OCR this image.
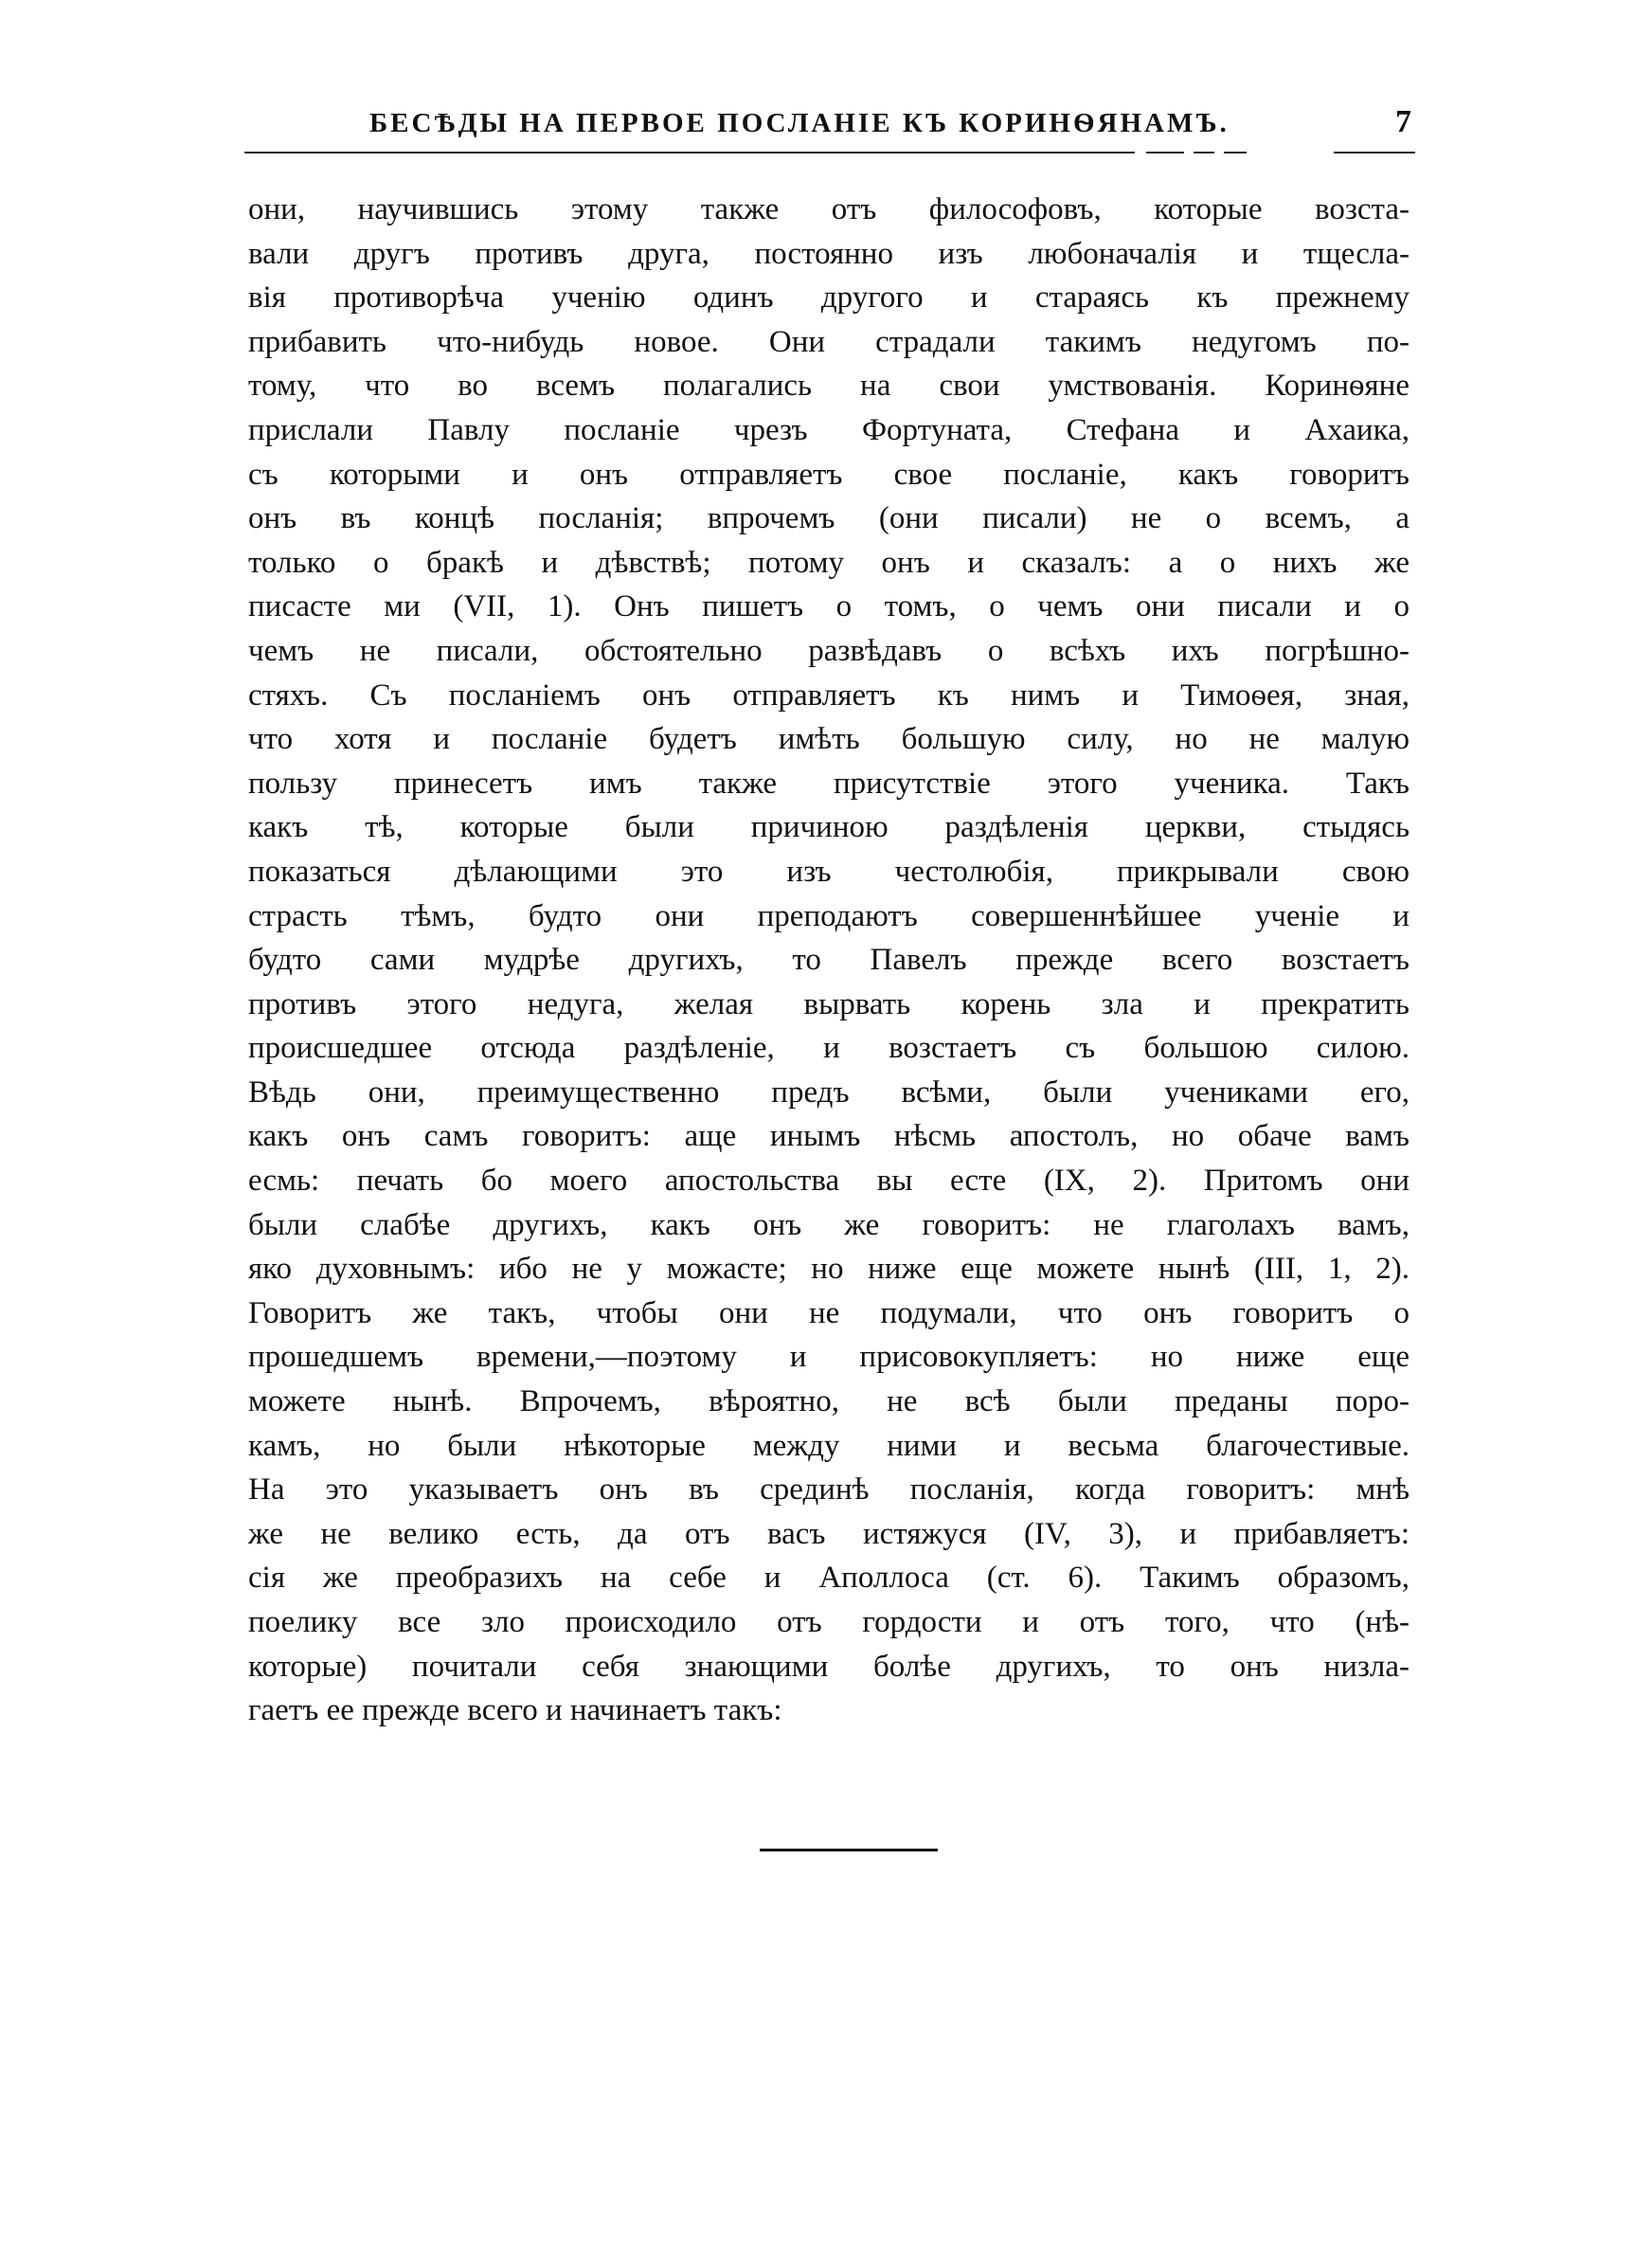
БЕСѢДЫ НА ПЕРВОЕ ПОСЛАНІЕ КЪ КОРИНѲЯНАМЪ.	7
они, научившись этому также отъ философовъ, которые возста-
вали другъ противъ друга, постоянно изъ любоначалія и тщесла-
вія противорѣча ученію одинъ другого и стараясь къ прежнему
прибавить что-нибудь новое. Они страдали такимъ недугомъ по-
тому, что во всемъ полагались на свои умствованія. Коринѳяне
прислали Павлу посланіе чрезъ Фортуната, Стефана и Ахаика,
съ которыми и онъ отправляетъ свое посланіе, какъ говоритъ
онъ въ концѣ посланія; впрочемъ (они писали) не о всемъ, а
только о бракѣ и дѣвствѣ; потому онъ и сказалъ: а о нихъ же
писасте ми (VII, 1). Онъ пишетъ о томъ, о чемъ они писали и о
чемъ не писали, обстоятельно развѣдавъ о всѣхъ ихъ погрѣшно-
стяхъ. Съ посланіемъ онъ отправляетъ къ нимъ и Тимоѳея, зная,
что хотя и посланіе будетъ имѣть большую силу, но не малую
пользу принесетъ имъ также присутствіе этого ученика. Такъ
какъ тѣ, которые были причиною раздѣленія церкви, стыдясь
показаться дѣлающими это изъ честолюбія, прикрывали свою
страсть тѣмъ, будто они преподаютъ совершеннѣйшее ученіе и
будто сами мудрѣе другихъ, то Павелъ прежде всего возстаетъ
противъ этого недуга, желая вырвать корень зла и прекратить
происшедшее отсюда раздѣленіе, и возстаетъ съ большою силою.
Вѣдь они, преимущественно предъ всѣми, были учениками его,
какъ онъ самъ говоритъ: аще инымъ нѣсмь апостолъ, но обаче вамъ
есмь: печать бо моего апостольства вы есте (IX, 2). Притомъ они
были слабѣе другихъ, какъ онъ же говоритъ: не глаголахъ вамъ,
яко духовнымъ: ибо не у можасте; но ниже еще можете нынѣ (III, 1, 2).
Говоритъ же такъ, чтобы они не подумали, что онъ говоритъ о
прошедшемъ времени,—поэтому и присовокупляетъ: но ниже еще
можете нынѣ. Впрочемъ, вѣроятно, не всѣ были преданы поро-
камъ, но были нѣкоторые между ними и весьма благочестивые.
На это указываетъ онъ въ срединѣ посланія, когда говоритъ: мнѣ
же не велико есть, да отъ васъ истяжуся (IV, 3), и прибавляетъ:
сія же преобразихъ на себе и Аполлоса (ст. 6). Такимъ образомъ,
поелику все зло происходило отъ гордости и отъ того, что (нѣ-
которые) почитали себя знающими болѣе другихъ, то онъ низла-
гаетъ ее прежде всего и начинаетъ такъ:
